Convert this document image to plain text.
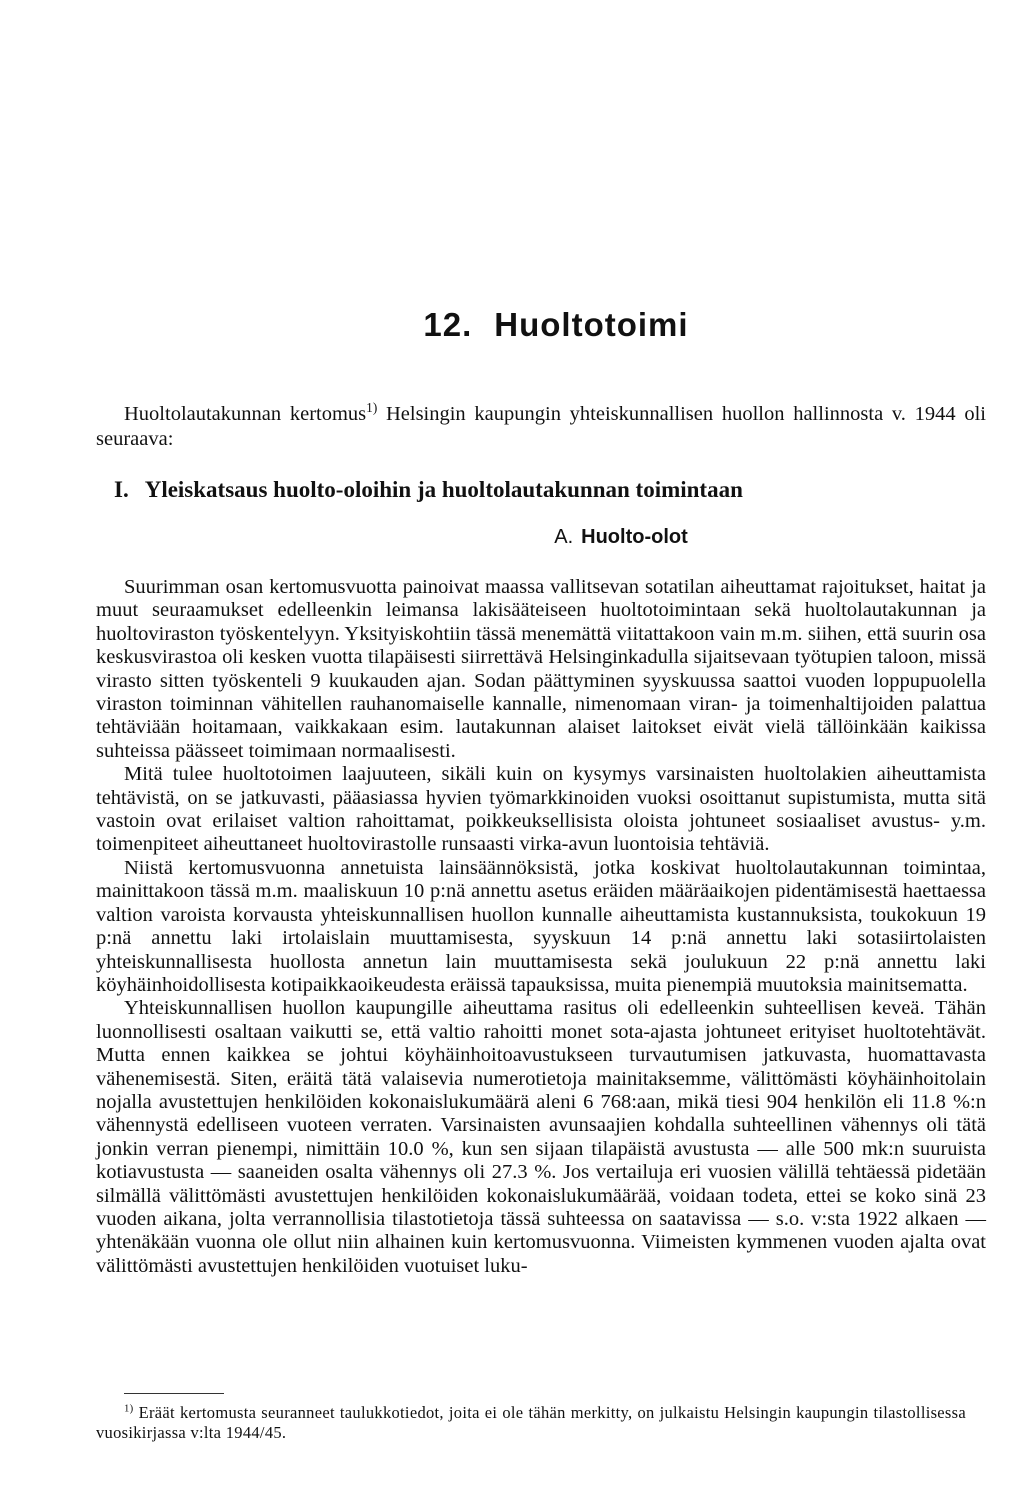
12. Huoltotoimi

Huoltolautakunnan kertomus$^{1)}$ Helsingin kaupungin yhteiskunnallisen huollon hallinnosta v. 1944 oli seuraava:

I. Yleiskatsaus huolto-oloihin ja huoltolautakunnan toimintaan
A. Huolto-olot

Suurimman osan kertomusvuotta painoivat maassa vallitsevan sotatilan aiheuttamat rajoitukset, haitat ja muut seuraamukset edelleenkin leimansa lakisääteiseen huoltotoimintaan sekä huoltolautakunnan ja huoltoviraston työskentelyyn. Yksityiskohtiin tässä menemättä viitattakoon vain m.m. siihen, että suurin osa keskusvirastoa oli kesken vuotta tilapäisesti siirrettävä Helsinginkadulla sijaitsevaan työtupien taloon, missä virasto sitten työskenteli 9 kuukauden ajan. Sodan päättyminen syyskuussa saattoi vuoden loppupuolella viraston toiminnan vähitellen rauhanomaiselle kannalle, nimenomaan viran- ja toimenhaltijoiden palattua tehtäviään hoitamaan, vaikkakaan esim. lautakunnan alaiset laitokset eivät vielä tällöinkään kaikissa suhteissa päässeet toimimaan normaalisesti.

Mitä tulee huoltotoimen laajuuteen, sikäli kuin on kysymys varsinaisten huoltolakien aiheuttamista tehtävistä, on se jatkuvasti, pääasiassa hyvien työmarkkinoiden vuoksi osoittanut supistumista, mutta sitä vastoin ovat erilaiset valtion rahoittamat, poikkeuksellisista oloista johtuneet sosiaaliset avustus- y.m. toimenpiteet aiheuttaneet huoltovirastolle runsaasti virka-avun luontoisia tehtäviä.

Niistä kertomusvuonna annetuista lainsäännöksistä, jotka koskivat huoltolautakunnan toimintaa, mainittakoon tässä m.m. maaliskuun 10 p:nä annettu asetus eräiden määräaikojen pidentämisestä haettaessa valtion varoista korvausta yhteiskunnallisen huollon kunnalle aiheuttamista kustannuksista, toukokuun 19 p:nä annettu laki irtolaislain muuttamisesta, syyskuun 14 p:nä annettu laki sotasiirtolaisten yhteiskunnallisesta huollosta annetun lain muuttamisesta sekä joulukuun 22 p:nä annettu laki köyhäinhoidollisesta kotipaikkaoikeudesta eräissä tapauksissa, muita pienempiä muutoksia mainitsematta.

Yhteiskunnallisen huollon kaupungille aiheuttama rasitus oli edelleenkin suhteellisen keveä. Tähän luonnollisesti osaltaan vaikutti se, että valtio rahoitti monet sota-ajasta johtuneet erityiset huoltotehtävät. Mutta ennen kaikkea se johtui köyhäinhoitoavustukseen turvautumisen jatkuvasta, huomattavasta vähenemisestä. Siten, eräitä tätä valaisevia numerotietoja mainitaksemme, välittömästi köyhäinhoitolain nojalla avustettujen henkilöiden kokonaislukumäärä aleni 6 768:aan, mikä tiesi 904 henkilön eli 11.8 %:n vähennystä edelliseen vuoteen verraten. Varsinaisten avunsaajien kohdalla suhteellinen vähennys oli tätä jonkin verran pienempi, nimittäin 10.0 %, kun sen sijaan tilapäistä avustusta — alle 500 mk:n suuruista kotiavustusta — saaneiden osalta vähennys oli 27.3 %. Jos vertailuja eri vuosien välillä tehtäessä pidetään silmällä välittömästi avustettujen henkilöiden kokonaislukumäärää, voidaan todeta, ettei se koko sinä 23 vuoden aikana, jolta verrannollisia tilastotietoja tässä suhteessa on saatavissa — s.o. v:sta 1922 alkaen — yhtenäkään vuonna ole ollut niin alhainen kuin kertomusvuonna. Viimeisten kymmenen vuoden ajalta ovat välittömästi avustettujen henkilöiden vuotuiset luku-

$^{1)}$ Eräät kertomusta seuranneet taulukkotiedot, joita ei ole tähän merkitty, on julkaistu Helsingin kaupungin tilastollisessa vuosikirjassa v:lta 1944/45.
